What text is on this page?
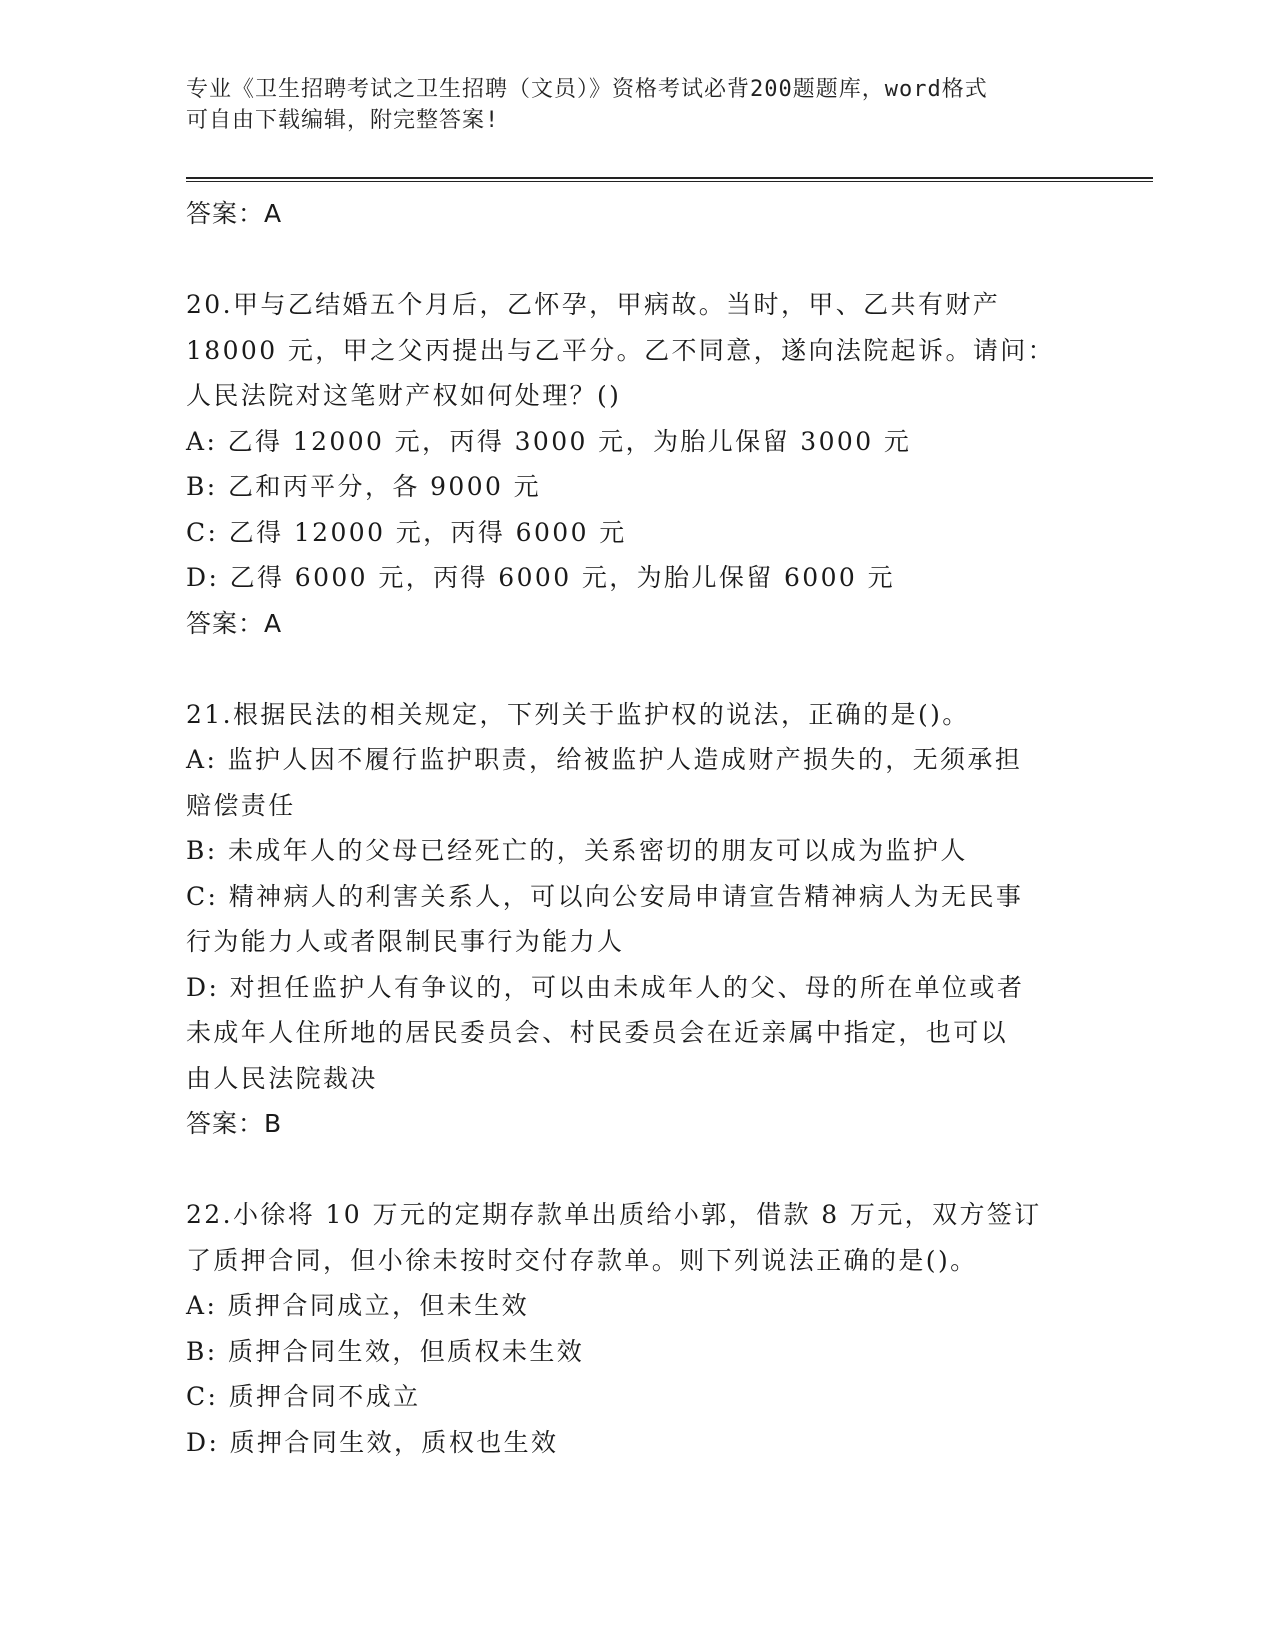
专业《卫生招聘考试之卫生招聘（文员）》资格考试必背200题题库，word格式
可自由下载编辑，附完整答案!

答案：A

20.甲与乙结婚五个月后，乙怀孕，甲病故。当时，甲、乙共有财产

18000 元，甲之父丙提出与乙平分。乙不同意，遂向法院起诉。请问：

人民法院对这笔财产权如何处理？()

A: 乙得 12000 元，丙得 3000 元，为胎儿保留 3000 元

B: 乙和丙平分，各 9000 元

C: 乙得 12000 元，丙得 6000 元

D: 乙得 6000 元，丙得 6000 元，为胎儿保留 6000 元

答案：A

21.根据民法的相关规定，下列关于监护权的说法，正确的是()。

A: 监护人因不履行监护职责，给被监护人造成财产损失的，无须承担

赔偿责任

B: 未成年人的父母已经死亡的，关系密切的朋友可以成为监护人

C: 精神病人的利害关系人，可以向公安局申请宣告精神病人为无民事

行为能力人或者限制民事行为能力人

D: 对担任监护人有争议的，可以由未成年人的父、母的所在单位或者

未成年人住所地的居民委员会、村民委员会在近亲属中指定，也可以

由人民法院裁决

答案：B

22.小徐将 10 万元的定期存款单出质给小郭，借款 8 万元，双方签订

了质押合同，但小徐未按时交付存款单。则下列说法正确的是()。

A: 质押合同成立，但未生效

B: 质押合同生效，但质权未生效

C: 质押合同不成立

D: 质押合同生效，质权也生效
